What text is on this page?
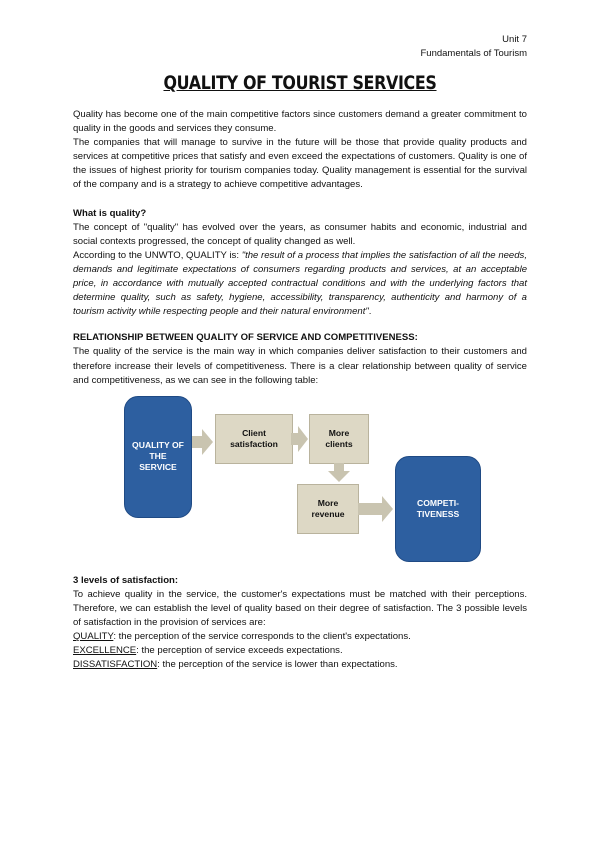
Unit 7
Fundamentals of Tourism
QUALITY OF TOURIST SERVICES

Quality has become one of the main competitive factors since customers demand a greater commitment to quality in the goods and services they consume.

The companies that will manage to survive in the future will be those that provide quality products and services at competitive prices that satisfy and even exceed the expectations of customers. Quality is one of the issues of highest priority for tourism companies today. Quality management is essential for the survival of the company and is a strategy to achieve competitive advantages.

What is quality?

The concept of "quality" has evolved over the years, as consumer habits and economic, industrial and social contexts progressed, the concept of quality changed as well.

According to the UNWTO, QUALITY is: "the result of a process that implies the satisfaction of all the needs, demands and legitimate expectations of consumers regarding products and services, at an acceptable price, in accordance with mutually accepted contractual conditions and with the underlying factors that determine quality, such as safety, hygiene, accessibility, transparency, authenticity and harmony of a tourism activity while respecting people and their natural environment".

RELATIONSHIP BETWEEN QUALITY OF SERVICE AND COMPETITIVENESS:

The quality of the service is the main way in which companies deliver satisfaction to their customers and therefore increase their levels of competitiveness. There is a clear relationship between quality of service and competitiveness, as we can see in the following table:

QUALITY OF THE SERVICE
Client satisfaction
More clients
More revenue
COMPETI-TIVENESS

3 levels of satisfaction:

To achieve quality in the service, the customer's expectations must be matched with their perceptions. Therefore, we can establish the level of quality based on their degree of satisfaction. The 3 possible levels of satisfaction in the provision of services are:

QUALITY: the perception of the service corresponds to the client's expectations.

EXCELLENCE: the perception of service exceeds expectations.

DISSATISFACTION: the perception of the service is lower than expectations.
